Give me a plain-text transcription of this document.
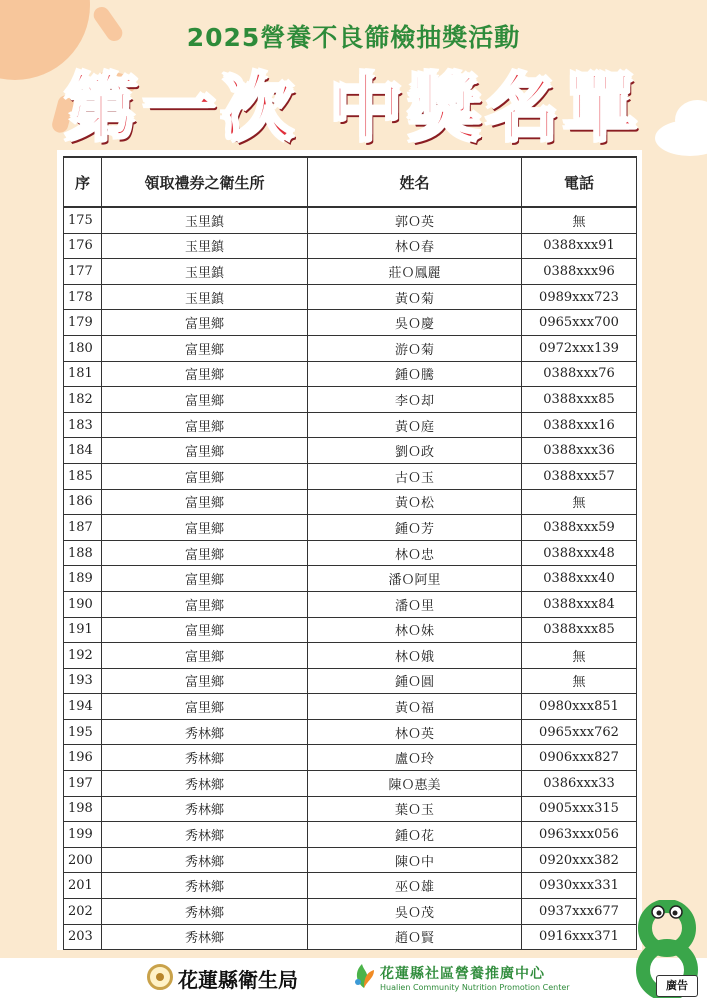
2025營養不良篩檢抽獎活動
第一次 中獎名單
序	領取禮券之衛生所	姓名	電話
175	玉里鎮	郭Ｏ英	無
176	玉里鎮	林Ｏ春	0388xxx91
177	玉里鎮	莊Ｏ鳳麗	0388xxx96
178	玉里鎮	黃Ｏ菊	0989xxx723
179	富里鄉	吳Ｏ慶	0965xxx700
180	富里鄉	游Ｏ菊	0972xxx139
181	富里鄉	鍾Ｏ騰	0388xxx76
182	富里鄉	李Ｏ却	0388xxx85
183	富里鄉	黃Ｏ庭	0388xxx16
184	富里鄉	劉Ｏ政	0388xxx36
185	富里鄉	古Ｏ玉	0388xxx57
186	富里鄉	黃Ｏ松	無
187	富里鄉	鍾Ｏ芳	0388xxx59
188	富里鄉	林Ｏ忠	0388xxx48
189	富里鄉	潘Ｏ阿里	0388xxx40
190	富里鄉	潘Ｏ里	0388xxx84
191	富里鄉	林Ｏ妹	0388xxx85
192	富里鄉	林Ｏ娥	無
193	富里鄉	鍾Ｏ圓	無
194	富里鄉	黃Ｏ福	0980xxx851
195	秀林鄉	林Ｏ英	0965xxx762
196	秀林鄉	盧Ｏ玲	0906xxx827
197	秀林鄉	陳Ｏ惠美	0386xxx33
198	秀林鄉	葉Ｏ玉	0905xxx315
199	秀林鄉	鍾Ｏ花	0963xxx056
200	秀林鄉	陳Ｏ中	0920xxx382
201	秀林鄉	巫Ｏ雄	0930xxx331
202	秀林鄉	吳Ｏ茂	0937xxx677
203	秀林鄉	趙Ｏ賢	0916xxx371
花蓮縣衛生局	花蓮縣社區營養推廣中心
Hualien Community Nutrition Promotion Center	廣告
